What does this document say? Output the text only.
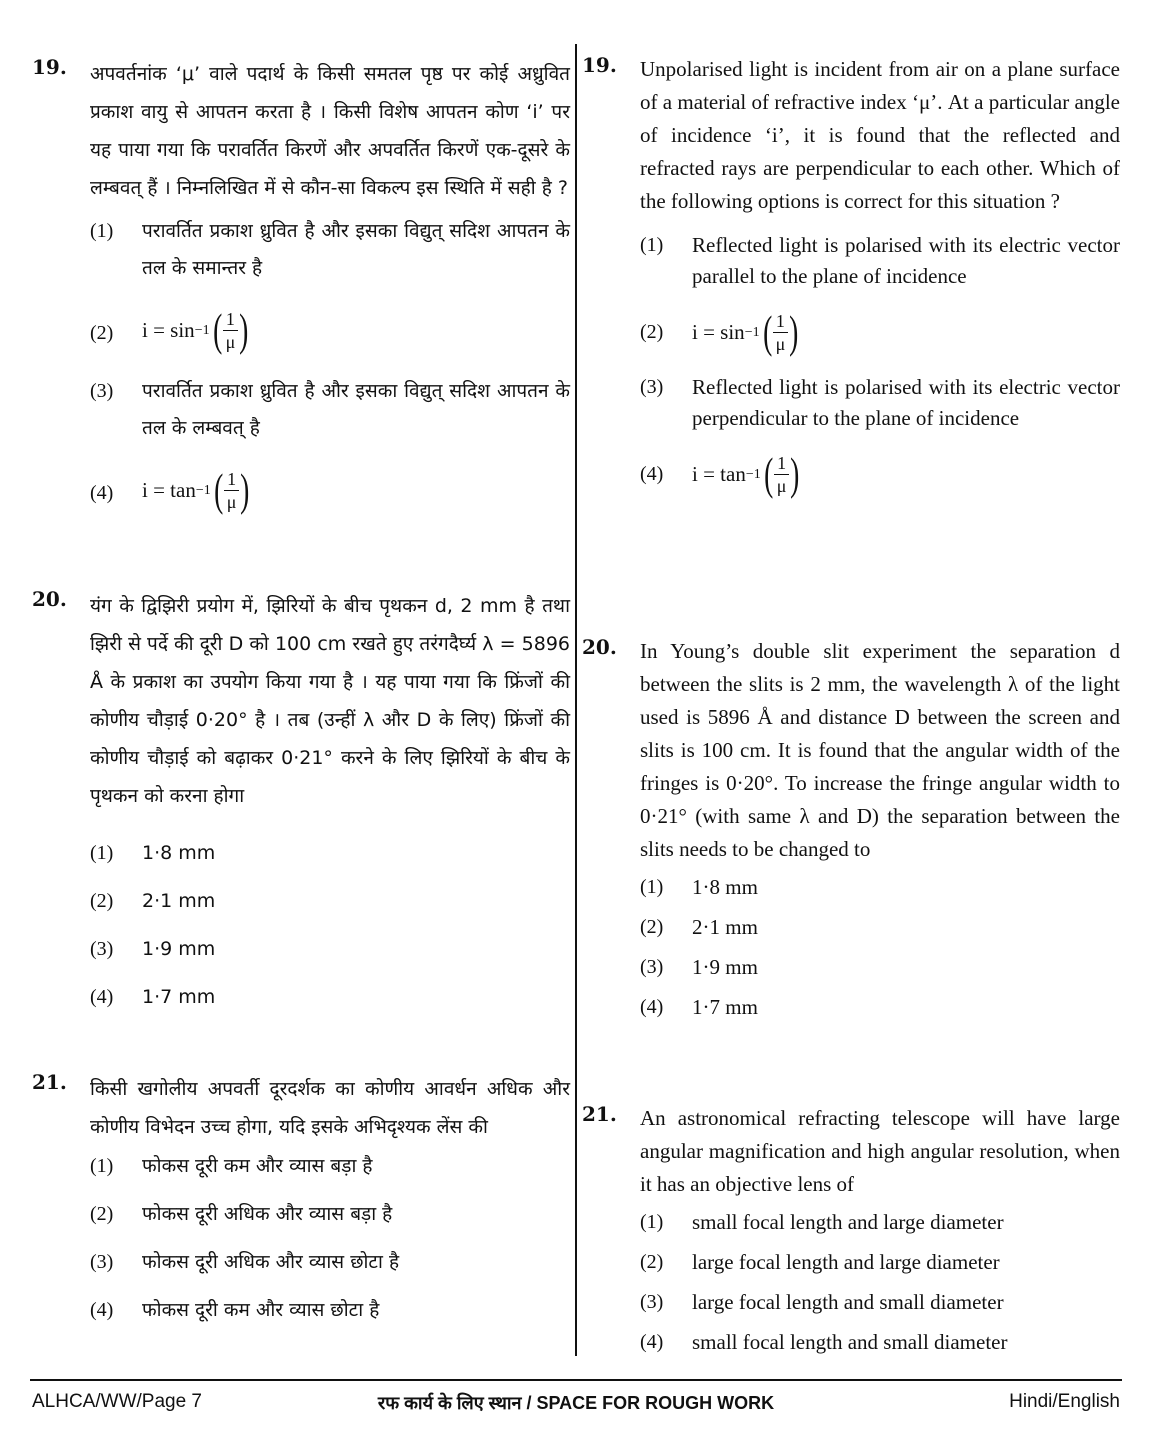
19. अपवर्तनांक ‘μ’ वाले पदार्थ के किसी समतल पृष्ठ पर कोई अध्रुवित प्रकाश वायु से आपतन करता है । किसी विशेष आपतन कोण ‘i’ पर यह पाया गया कि परावर्तित किरणें और अपवर्तित किरणें एक-दूसरे के लम्बवत् हैं । निम्नलिखित में से कौन-सा विकल्प इस स्थिति में सही है ?
(1) परावर्तित प्रकाश ध्रुवित है और इसका विद्युत् सदिश आपतन के तल के समान्तर है
(2) i = sin −1 ( $\frac{1}{\mu}$ )
(3) परावर्तित प्रकाश ध्रुवित है और इसका विद्युत् सदिश आपतन के तल के लम्बवत् है
(4) i = tan −1 ( $\frac{1}{\mu}$ )
20. यंग के द्विझिरी प्रयोग में, झिरियों के बीच पृथकन d, 2 mm है तथा झिरी से पर्दे की दूरी D को 100 cm रखते हुए तरंगदैर्घ्य λ = 5896 Å के प्रकाश का उपयोग किया गया है । यह पाया गया कि फ्रिंजों की कोणीय चौड़ाई 0·20° है । तब (उन्हीं λ और D के लिए) फ्रिंजों की कोणीय चौड़ाई को बढ़ाकर 0·21° करने के लिए झिरियों के बीच के पृथकन को करना होगा
(1) 1·8 mm
(2) 2·1 mm
(3) 1·9 mm
(4) 1·7 mm
21. किसी खगोलीय अपवर्ती दूरदर्शक का कोणीय आवर्धन अधिक और कोणीय विभेदन उच्च होगा, यदि इसके अभिदृश्यक लेंस की
(1) फोकस दूरी कम और व्यास बड़ा है
(2) फोकस दूरी अधिक और व्यास बड़ा है
(3) फोकस दूरी अधिक और व्यास छोटा है
(4) फोकस दूरी कम और व्यास छोटा है
19. Unpolarised light is incident from air on a plane surface of a material of refractive index ‘μ’. At a particular angle of incidence ‘i’, it is found that the reflected and refracted rays are perpendicular to each other. Which of the following options is correct for this situation ?
(1) Reflected light is polarised with its electric vector parallel to the plane of incidence
(2) i = sin −1 ( $\frac{1}{\mu}$ )
(3) Reflected light is polarised with its electric vector perpendicular to the plane of incidence
(4) i = tan −1 ( $\frac{1}{\mu}$ )
20. In Young’s double slit experiment the separation d between the slits is 2 mm, the wavelength λ of the light used is 5896 Å and distance D between the screen and slits is 100 cm. It is found that the angular width of the fringes is 0·20°. To increase the fringe angular width to 0·21° (with same λ and D) the separation between the slits needs to be changed to
(1) 1·8 mm
(2) 2·1 mm
(3) 1·9 mm
(4) 1·7 mm
21. An astronomical refracting telescope will have large angular magnification and high angular resolution, when it has an objective lens of
(1) small focal length and large diameter
(2) large focal length and large diameter
(3) large focal length and small diameter
(4) small focal length and small diameter
ALHCA/WW/Page 7	रफ कार्य के लिए स्थान / SPACE FOR ROUGH WORK	Hindi/English
